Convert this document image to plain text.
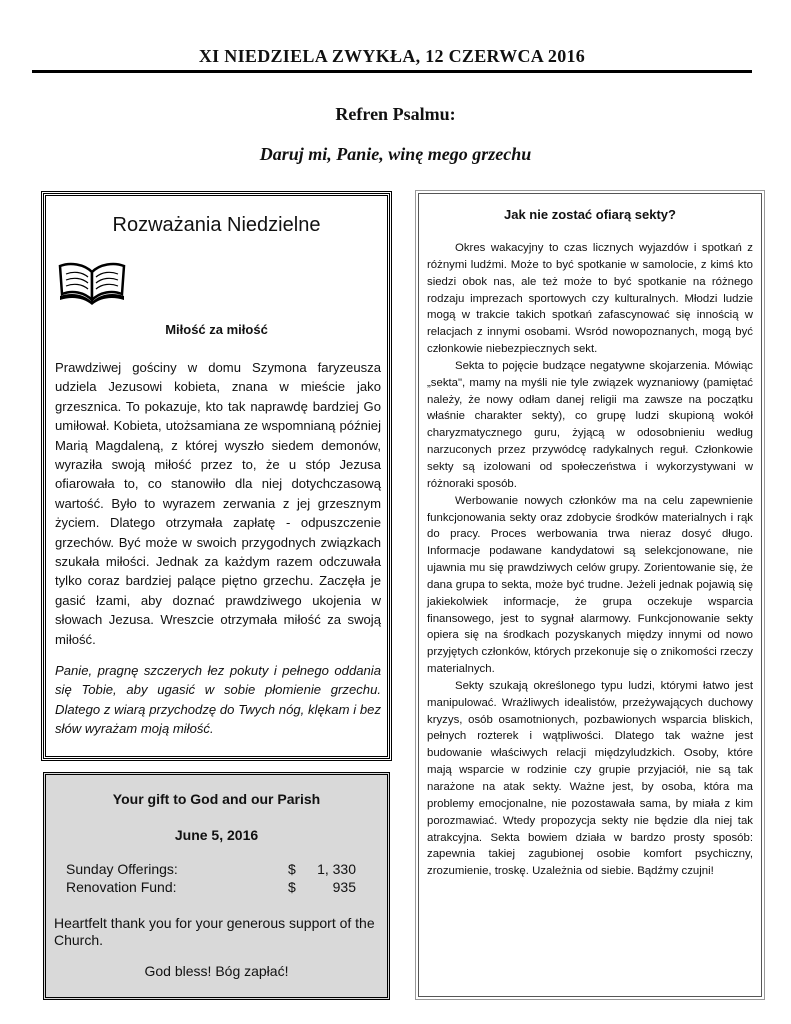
XI NIEDZIELA ZWYKŁA, 12 CZERWCA 2016
Refren Psalmu:
Daruj mi, Panie, winę mego grzechu
Rozważania Niedzielne
Miłość za miłość
Prawdziwej gościny w domu Szymona faryzeusza udziela Jezusowi kobieta, znana w mieście jako grzesznica. To pokazuje, kto tak naprawdę bardziej Go umiłował. Kobieta, utożsamiana ze wspomnianą później Marią Magdaleną, z której wyszło siedem demonów, wyraziła swoją miłość przez to, że u stóp Jezusa ofiarowała to, co stanowiło dla niej dotychczasową wartość. Było to wyrazem zerwania z jej grzesznym życiem. Dlatego otrzymała zapłatę - odpuszczenie grzechów. Być może w swoich przygodnych związkach szukała miłości. Jednak za każdym razem odczuwała tylko coraz bardziej palące piętno grzechu. Zaczęła je gasić łzami, aby doznać prawdziwego ukojenia w słowach Jezusa. Wreszcie otrzymała miłość za swoją miłość.
Panie, pragnę szczerych łez pokuty i pełnego oddania się Tobie, aby ugasić w sobie płomienie grzechu. Dlatego z wiarą przychodzę do Twych nóg, klękam i bez słów wyrażam moją miłość.
Your gift to God and our Parish
June 5, 2016
Sunday Offerings:	$ 1, 330
Renovation Fund:	$	935
Heartfelt thank you for your generous support of the Church.
God bless! Bóg zapłać!
Jak nie zostać ofiarą sekty?

Okres wakacyjny to czas licznych wyjazdów i spotkań z różnymi ludźmi. Może to być spotkanie w samolocie, z kimś kto siedzi obok nas, ale też może to być spotkanie na różnego rodzaju imprezach sportowych czy kulturalnych. Młodzi ludzie mogą w trakcie takich spotkań zafascynować się innością w relacjach z innymi osobami. Wsród nowopoznanych, mogą być członkowie niebezpiecznych sekt.

Sekta to pojęcie budzące negatywne skojarzenia. Mówiąc „sekta", mamy na myśli nie tyle związek wyznaniowy (pamiętać należy, że nowy odłam danej religii ma zawsze na początku właśnie charakter sekty), co grupę ludzi skupioną wokół charyzmatycznego guru, żyjącą w odosobnieniu według narzuconych przez przywódcę radykalnych reguł. Członkowie sekty są izolowani od społeczeństwa i wykorzystywani w różnoraki sposób.

Werbowanie nowych członków ma na celu zapewnienie funkcjonowania sekty oraz zdobycie środków materialnych i rąk do pracy. Proces werbowania trwa nieraz dosyć długo. Informacje podawane kandydatowi są selekcjonowane, nie ujawnia mu się prawdziwych celów grupy. Zorientowanie się, że dana grupa to sekta, może być trudne. Jeżeli jednak pojawią się jakiekolwiek informacje, że grupa oczekuje wsparcia finansowego, jest to sygnał alarmowy. Funkcjonowanie sekty opiera się na środkach pozyskanych między innymi od nowo przyjętych członków, których przekonuje się o znikomości rzeczy materialnych.

Sekty szukają określonego typu ludzi, którymi łatwo jest manipulować. Wrażliwych idealistów, przeżywających duchowy kryzys, osób osamotnionych, pozbawionych wsparcia bliskich, pełnych rozterek i wątpliwości. Dlatego tak ważne jest budowanie właściwych relacji międzyludzkich. Osoby, które mają wsparcie w rodzinie czy grupie przyjaciół, nie są tak narażone na atak sekty. Ważne jest, by osoba, która ma problemy emocjonalne, nie pozostawała sama, by miała z kim porozmawiać. Wtedy propozycja sekty nie będzie dla niej tak atrakcyjna. Sekta bowiem działa w bardzo prosty sposób: zapewnia takiej zagubionej osobie komfort psychiczny, zrozumienie, troskę. Uzależnia od siebie. Bądźmy czujni!
